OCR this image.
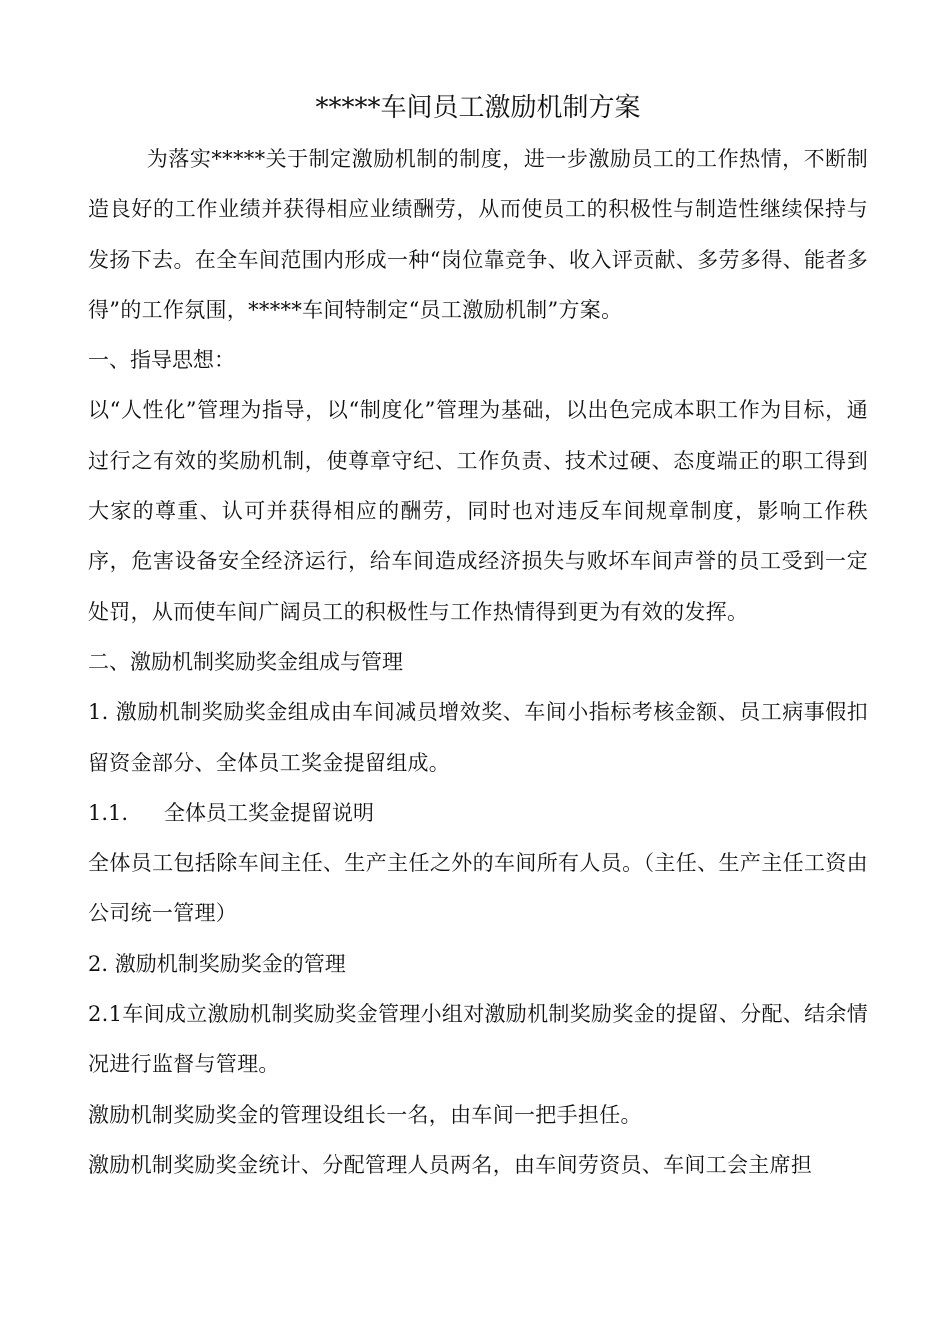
*****车间员工激励机制方案

为落实*****关于制定激励机制的制度，进一步激励员工的工作热情，不断制造良好的工作业绩并获得相应业绩酬劳，从而使员工的积极性与制造性继续保持与发扬下去。在全车间范围内形成一种“岗位靠竞争、收入评贡献、多劳多得、能者多得”的工作氛围，*****车间特制定“员工激励机制”方案。

一、指导思想：

以“人性化”管理为指导，以“制度化”管理为基础，以出色完成本职工作为目标，通过行之有效的奖励机制，使尊章守纪、工作负责、技术过硬、态度端正的职工得到大家的尊重、认可并获得相应的酬劳，同时也对违反车间规章制度，影响工作秩序，危害设备安全经济运行，给车间造成经济损失与败坏车间声誉的员工受到一定处罚，从而使车间广阔员工的积极性与工作热情得到更为有效的发挥。

二、激励机制奖励奖金组成与管理

1. 激励机制奖励奖金组成由车间减员增效奖、车间小指标考核金额、员工病事假扣留资金部分、全体员工奖金提留组成。

1.1. 全体员工奖金提留说明

全体员工包括除车间主任、生产主任之外的车间所有人员。（主任、生产主任工资由公司统一管理）

2. 激励机制奖励奖金的管理

2.1车间成立激励机制奖励奖金管理小组对激励机制奖励奖金的提留、分配、结余情况进行监督与管理。

激励机制奖励奖金的管理设组长一名，由车间一把手担任。

激励机制奖励奖金统计、分配管理人员两名，由车间劳资员、车间工会主席担
